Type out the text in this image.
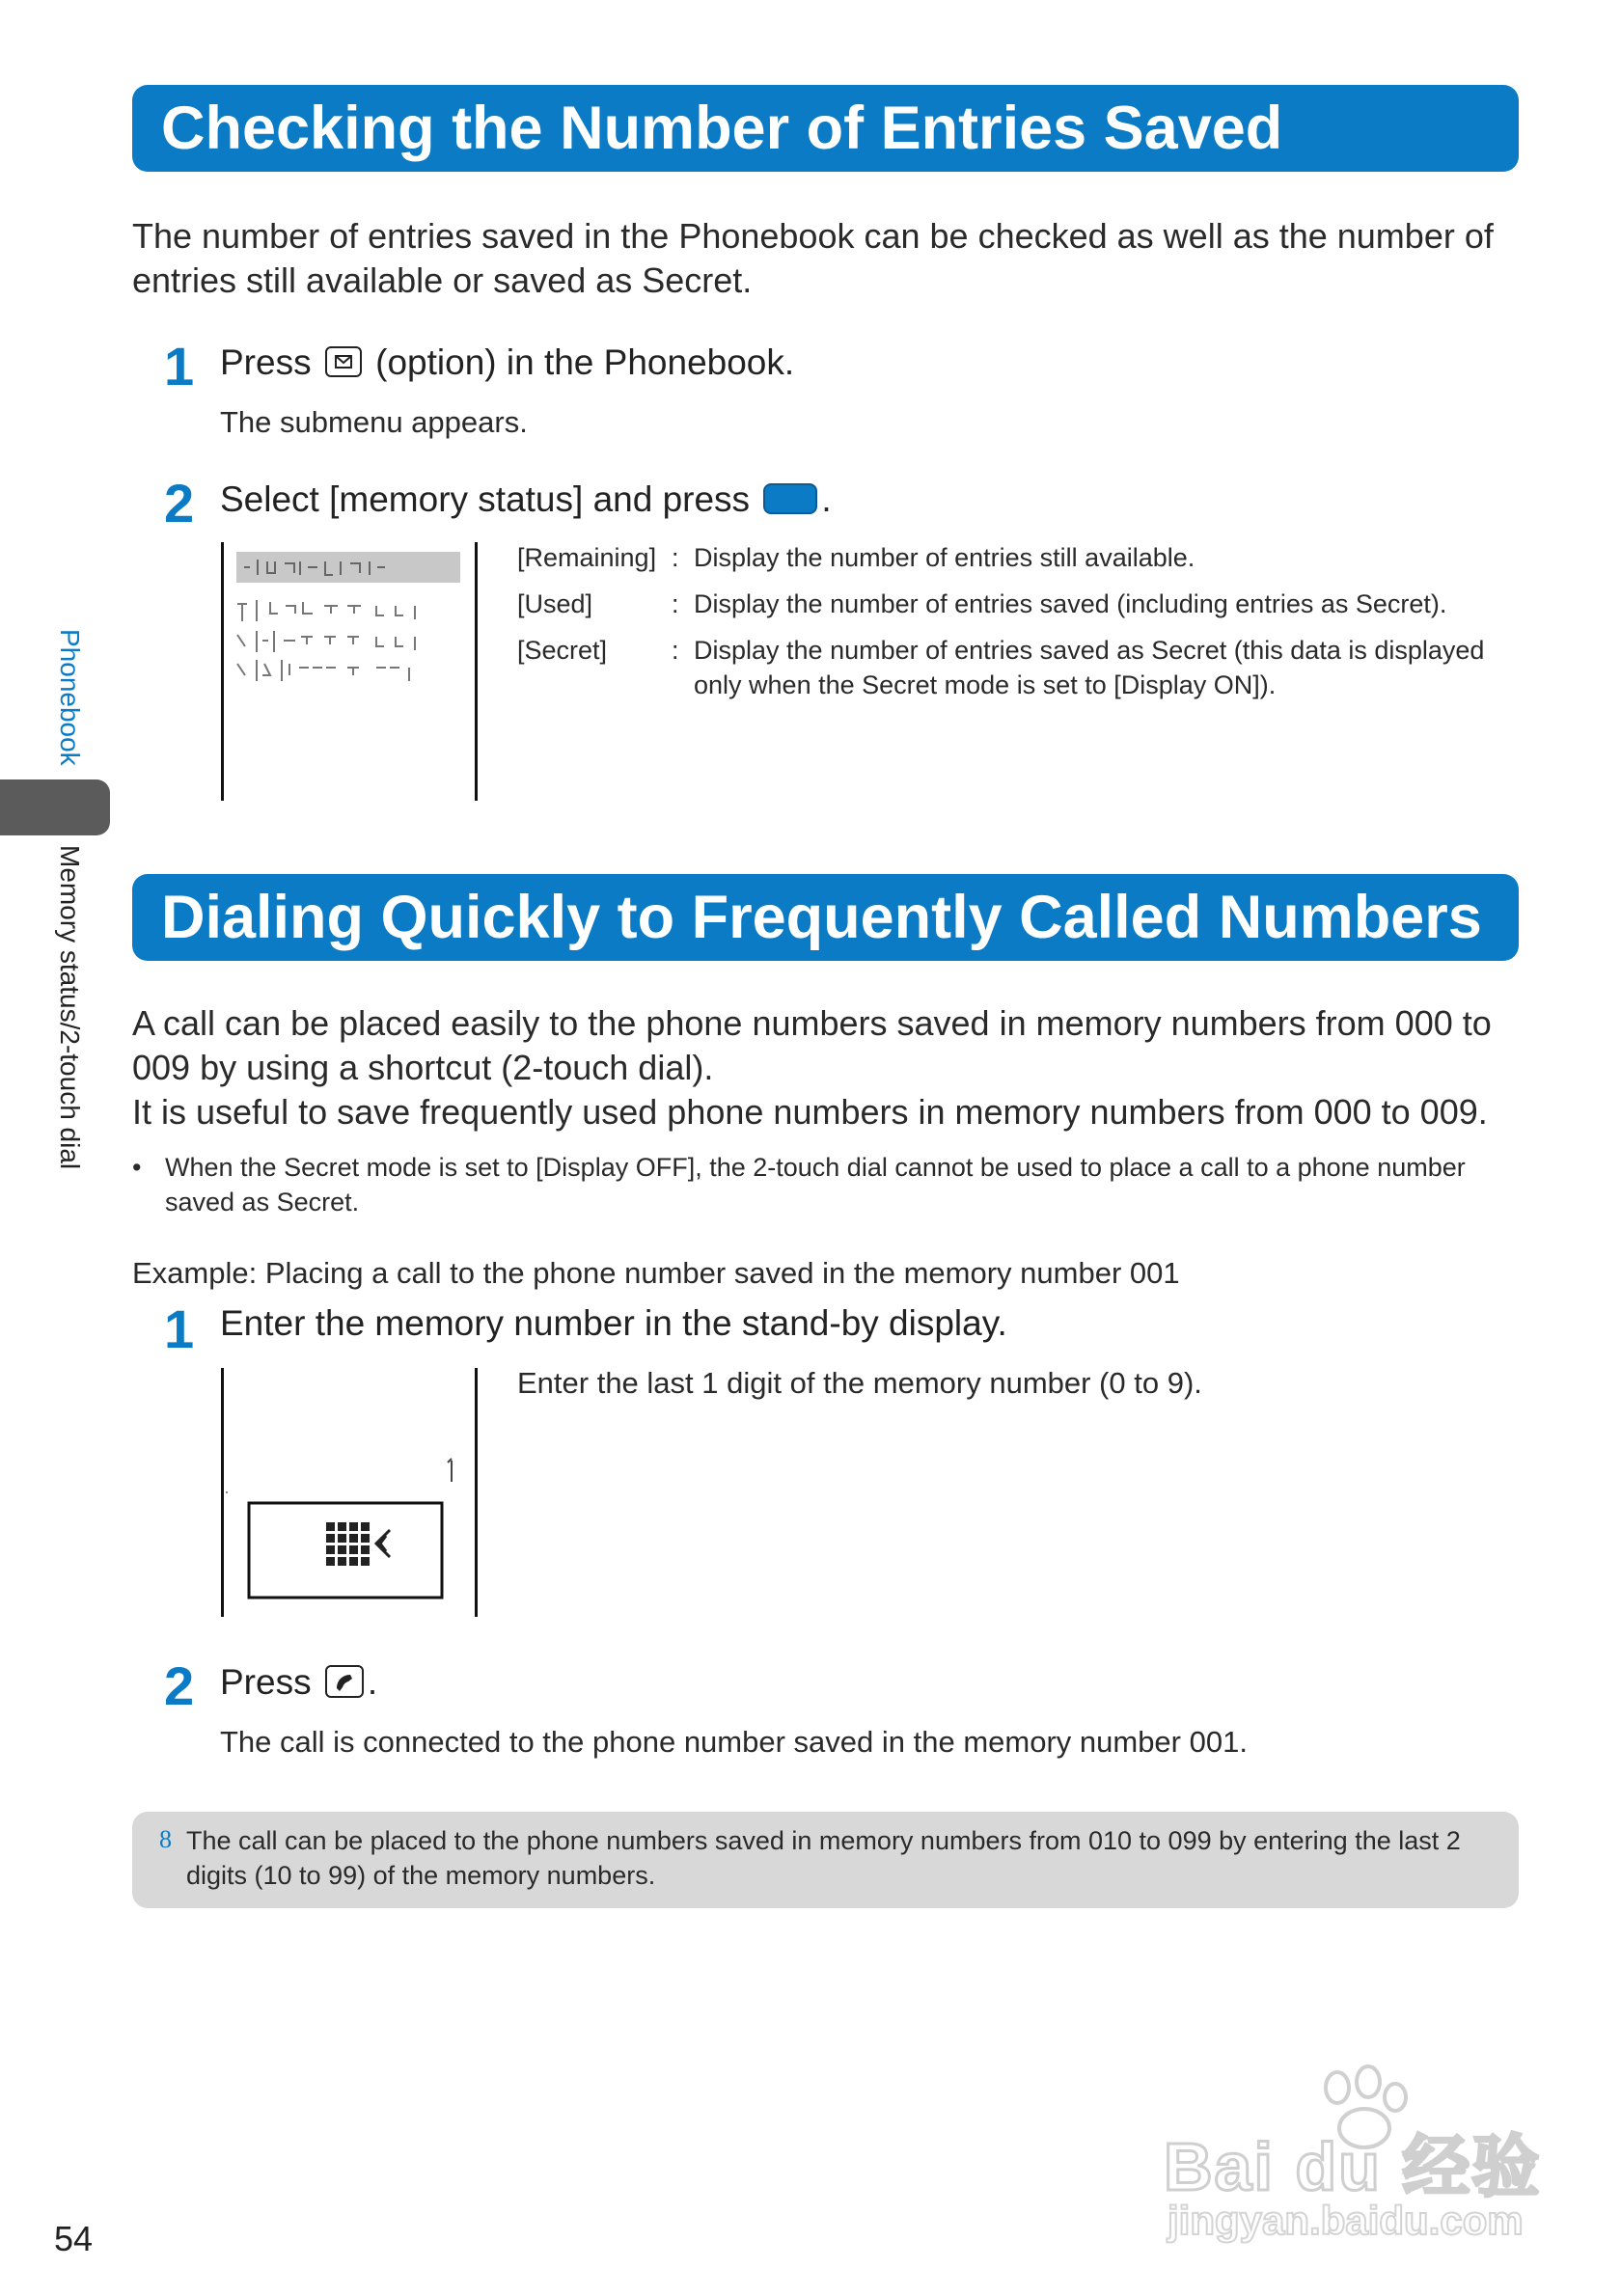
Phonebook
Memory status/2-touch dial
Checking the Number of Entries Saved

The number of entries saved in the Phonebook can be checked as well as the number of entries still available or saved as Secret.

1 Press (option) in the Phonebook.
The submenu appears.
2 Select [memory status] and press .
[Remaining] : Display the number of entries still available.
[Used]	: Display the number of entries saved (including entries as Secret).
[Secret] : Display the number of entries saved as Secret (this data is displayed only when the Secret mode is set to [Display ON]).
Dialing Quickly to Frequently Called Numbers

A call can be placed easily to the phone numbers saved in memory numbers from 000 to 009 by using a shortcut (2-touch dial).

It is useful to save frequently used phone numbers in memory numbers from 000 to 009.

• When the Secret mode is set to [Display OFF], the 2-touch dial cannot be used to place a call to a phone number saved as Secret.
Example: Placing a call to the phone number saved in the memory number 001
1 Enter the memory number in the stand-by display.
Enter the last 1 digit of the memory number (0 to 9).
2 Press .
The call is connected to the phone number saved in the memory number 001.
8 The call can be placed to the phone numbers saved in memory numbers from 010 to 099 by entering the last 2 digits (10 to 99) of the memory numbers.
Bai du 经验
jingyan.baidu.com
54
